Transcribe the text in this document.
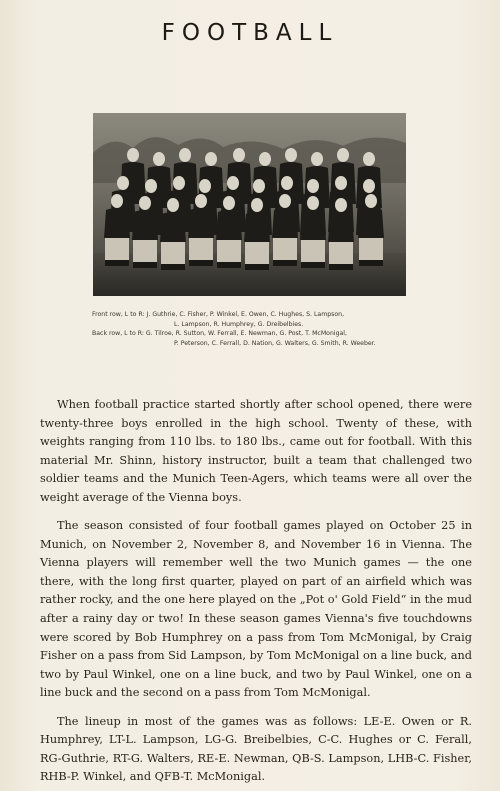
FOOTBALL
Front row, L to R: J. Guthrie, C. Fisher, P. Winkel, E. Owen, C. Hughes, S. Lampson,
L. Lampson, R. Humphrey, G. Dreibelbies.
Back row, L to R: G. Tilroe, R. Sutton, W. Ferrall, E. Newman, G. Post, T. McMonigal,
P. Peterson, C. Ferrall, D. Nation, G. Walters, G. Smith, R. Weeber.

When football practice started shortly after school opened, there were twenty-three boys enrolled in the high school. Twenty of these, with weights ranging from 110 lbs. to 180 lbs., came out for football. With this material Mr. Shinn, history instructor, built a team that challenged two soldier teams and the Munich Teen-Agers, which teams were all over the weight average of the Vienna boys.

The season consisted of four football games played on October 25 in Munich, on November 2, November 8, and November 16 in Vienna. The Vienna players will remember well the two Munich games — the one there, with the long first quarter, played on part of an airfield which was rather rocky, and the one here played on the „Pot o' Gold Field“ in the mud after a rainy day or two! In these season games Vienna's five touchdowns were scored by Bob Humphrey on a pass from Tom McMonigal, by Craig Fisher on a pass from Sid Lampson, by Tom McMonigal on a line buck, and two by Paul Winkel, one on a line buck, and two by Paul Winkel, one on a line buck and the second on a pass from Tom McMonigal.

The lineup in most of the games was as follows: LE-E. Owen or R. Humphrey, LT-L. Lampson, LG-G. Breibelbies, C-C. Hughes or C. Ferall, RG-Guthrie, RT-G. Walters, RE-E. Newman, QB-S. Lampson, LHB-C. Fisher, RHB-P. Winkel, and QFB-T. McMonigal.
